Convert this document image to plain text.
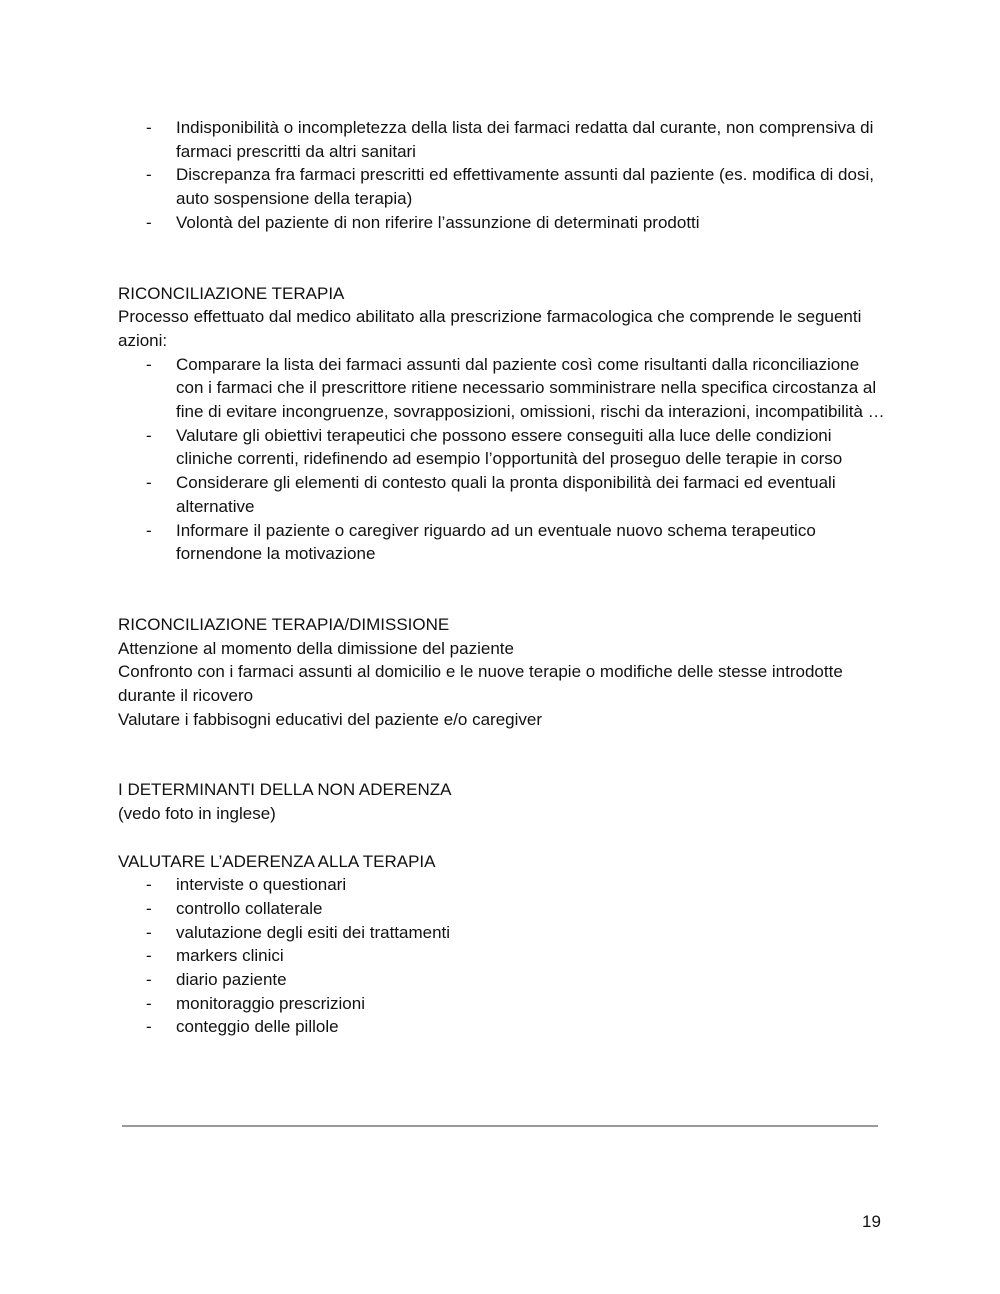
- Indisponibilità o incompletezza della lista dei farmaci redatta dal curante, non comprensiva di farmaci prescritti da altri sanitari
- Discrepanza fra farmaci prescritti ed effettivamente assunti dal paziente (es. modifica di dosi, auto sospensione della terapia)
- Volontà del paziente di non riferire l’assunzione di determinati prodotti
RICONCILIAZIONE TERAPIA
Processo effettuato dal medico abilitato alla prescrizione farmacologica che comprende le seguenti azioni:
- Comparare la lista dei farmaci assunti dal paziente così come risultanti dalla riconciliazione con i farmaci che il prescrittore ritiene necessario somministrare nella specifica circostanza al fine di evitare incongruenze, sovrapposizioni, omissioni, rischi da interazioni, incompatibilità …
- Valutare gli obiettivi terapeutici che possono essere conseguiti alla luce delle condizioni cliniche correnti, ridefinendo ad esempio l’opportunità del proseguo delle terapie in corso
- Considerare gli elementi di contesto quali la pronta disponibilità dei farmaci ed eventuali alternative
- Informare il paziente o caregiver riguardo ad un eventuale nuovo schema terapeutico fornendone la motivazione
RICONCILIAZIONE TERAPIA/DIMISSIONE
Attenzione al momento della dimissione del paziente
Confronto con i farmaci assunti al domicilio e le nuove terapie o modifiche delle stesse introdotte durante il ricovero
Valutare i fabbisogni educativi del paziente e/o caregiver
I DETERMINANTI DELLA NON ADERENZA
(vedo foto in inglese)
VALUTARE L’ADERENZA ALLA TERAPIA
- interviste o questionari
- controllo collaterale
- valutazione degli esiti dei trattamenti
- markers clinici
- diario paziente
- monitoraggio prescrizioni
- conteggio delle pillole
19
